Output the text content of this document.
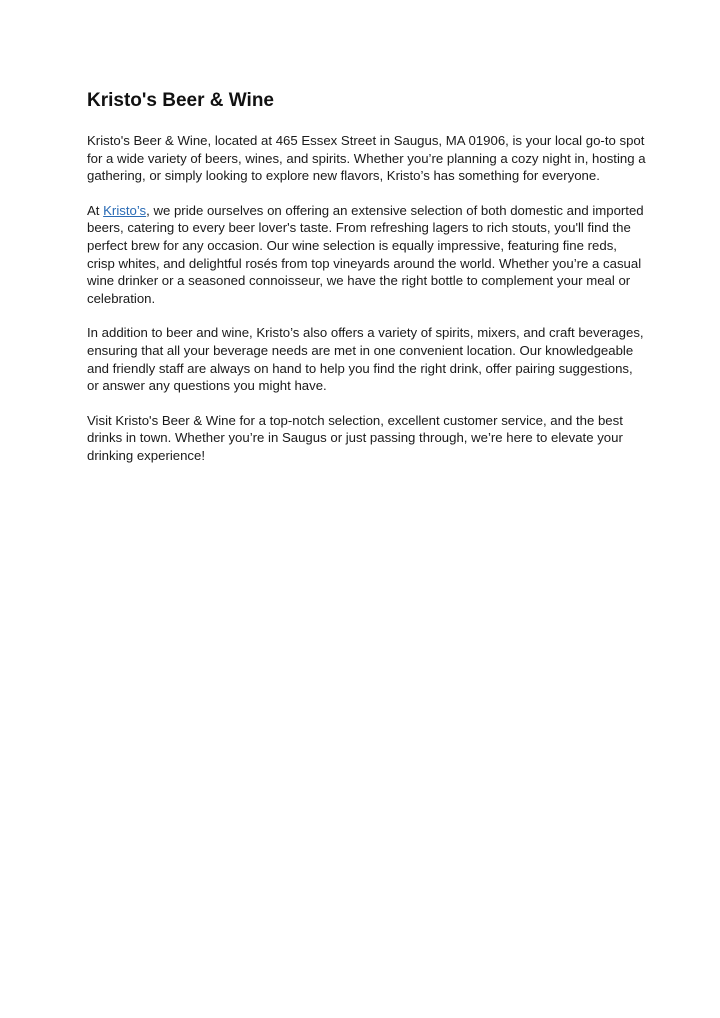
Kristo's Beer & Wine

Kristo's Beer & Wine, located at 465 Essex Street in Saugus, MA 01906, is your local go-to spot for a wide variety of beers, wines, and spirits. Whether you’re planning a cozy night in, hosting a gathering, or simply looking to explore new flavors, Kristo’s has something for everyone.

At Kristo’s, we pride ourselves on offering an extensive selection of both domestic and imported beers, catering to every beer lover's taste. From refreshing lagers to rich stouts, you'll find the perfect brew for any occasion. Our wine selection is equally impressive, featuring fine reds, crisp whites, and delightful rosés from top vineyards around the world. Whether you’re a casual wine drinker or a seasoned connoisseur, we have the right bottle to complement your meal or celebration.

In addition to beer and wine, Kristo’s also offers a variety of spirits, mixers, and craft beverages, ensuring that all your beverage needs are met in one convenient location. Our knowledgeable and friendly staff are always on hand to help you find the right drink, offer pairing suggestions, or answer any questions you might have.

Visit Kristo's Beer & Wine for a top-notch selection, excellent customer service, and the best drinks in town. Whether you’re in Saugus or just passing through, we’re here to elevate your drinking experience!
